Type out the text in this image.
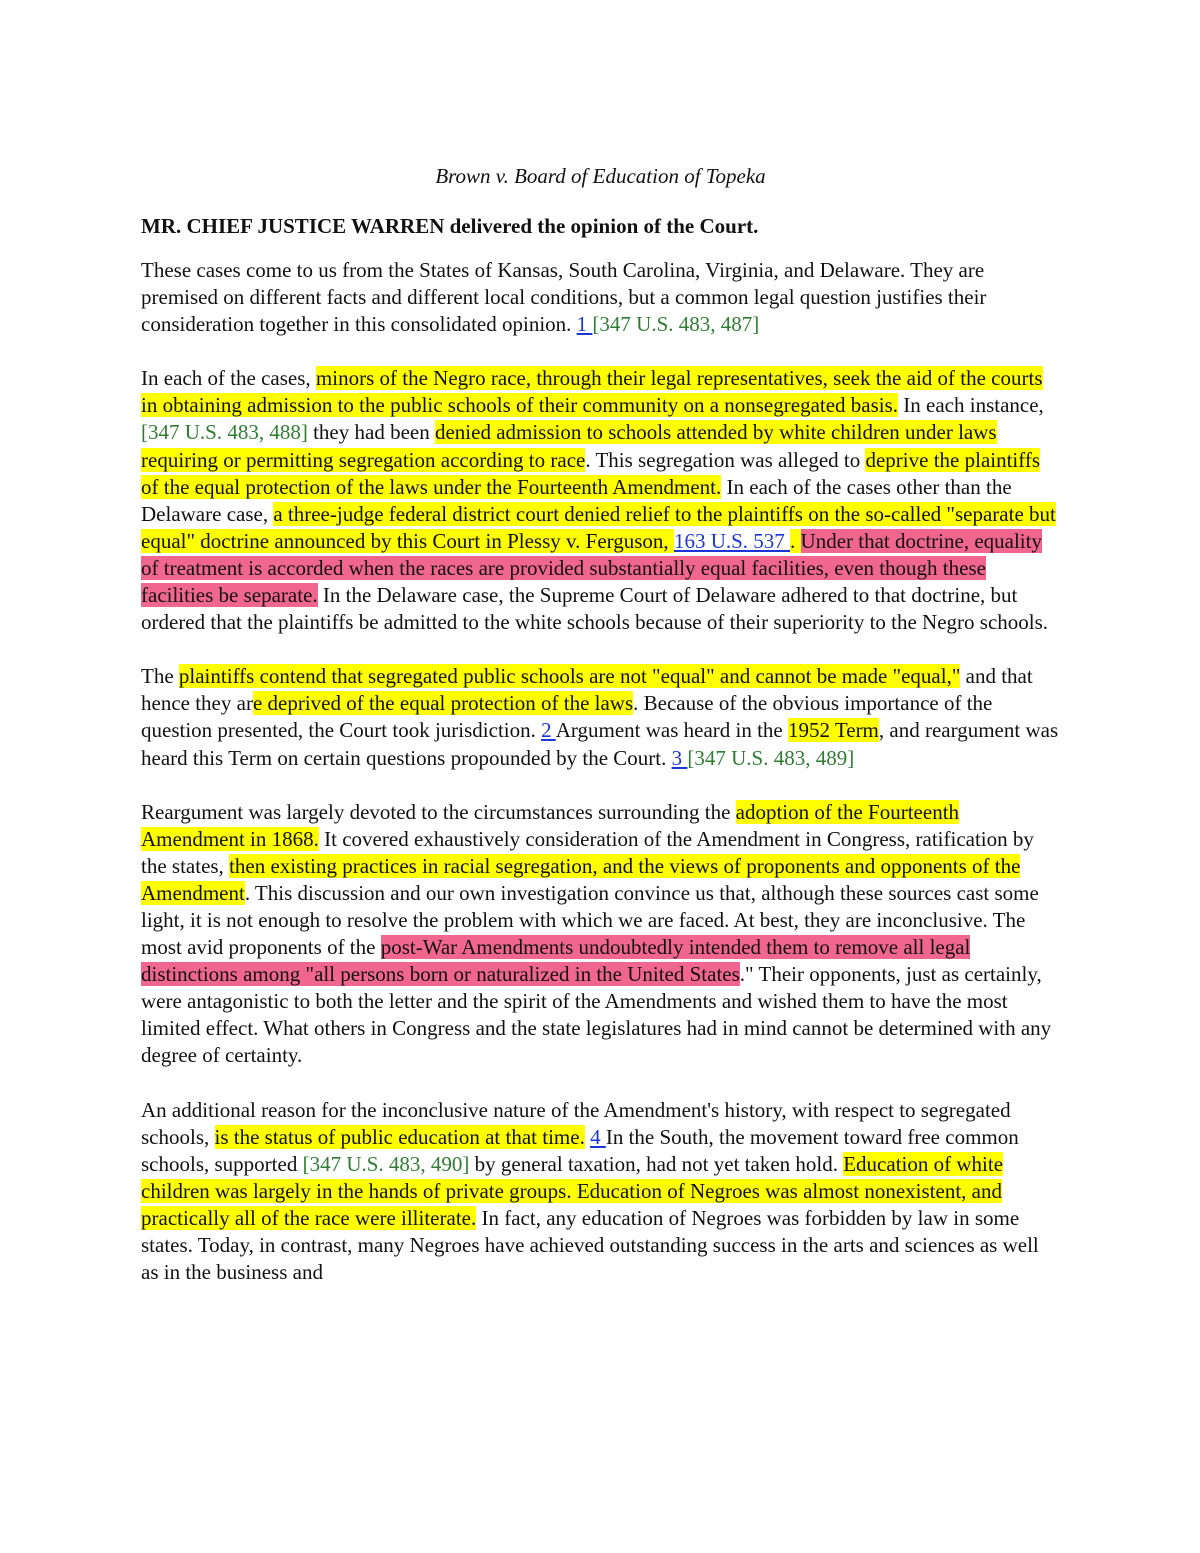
Brown v. Board of Education of Topeka
MR. CHIEF JUSTICE WARREN delivered the opinion of the Court.
These cases come to us from the States of Kansas, South Carolina, Virginia, and Delaware. They are premised on different facts and different local conditions, but a common legal question justifies their consideration together in this consolidated opinion. 1 [347 U.S. 483, 487]
In each of the cases, minors of the Negro race, through their legal representatives, seek the aid of the courts in obtaining admission to the public schools of their community on a nonsegregated basis. In each instance, [347 U.S. 483, 488] they had been denied admission to schools attended by white children under laws requiring or permitting segregation according to race. This segregation was alleged to deprive the plaintiffs of the equal protection of the laws under the Fourteenth Amendment. In each of the cases other than the Delaware case, a three-judge federal district court denied relief to the plaintiffs on the so-called "separate but equal" doctrine announced by this Court in Plessy v. Ferguson, 163 U.S. 537 . Under that doctrine, equality of treatment is accorded when the races are provided substantially equal facilities, even though these facilities be separate. In the Delaware case, the Supreme Court of Delaware adhered to that doctrine, but ordered that the plaintiffs be admitted to the white schools because of their superiority to the Negro schools.
The plaintiffs contend that segregated public schools are not "equal" and cannot be made "equal," and that hence they are deprived of the equal protection of the laws. Because of the obvious importance of the question presented, the Court took jurisdiction. 2 Argument was heard in the 1952 Term, and reargument was heard this Term on certain questions propounded by the Court. 3 [347 U.S. 483, 489]
Reargument was largely devoted to the circumstances surrounding the adoption of the Fourteenth Amendment in 1868. It covered exhaustively consideration of the Amendment in Congress, ratification by the states, then existing practices in racial segregation, and the views of proponents and opponents of the Amendment. This discussion and our own investigation convince us that, although these sources cast some light, it is not enough to resolve the problem with which we are faced. At best, they are inconclusive. The most avid proponents of the post-War Amendments undoubtedly intended them to remove all legal distinctions among "all persons born or naturalized in the United States." Their opponents, just as certainly, were antagonistic to both the letter and the spirit of the Amendments and wished them to have the most limited effect. What others in Congress and the state legislatures had in mind cannot be determined with any degree of certainty.
An additional reason for the inconclusive nature of the Amendment's history, with respect to segregated schools, is the status of public education at that time. 4 In the South, the movement toward free common schools, supported [347 U.S. 483, 490] by general taxation, had not yet taken hold. Education of white children was largely in the hands of private groups. Education of Negroes was almost nonexistent, and practically all of the race were illiterate. In fact, any education of Negroes was forbidden by law in some states. Today, in contrast, many Negroes have achieved outstanding success in the arts and sciences as well as in the business and
